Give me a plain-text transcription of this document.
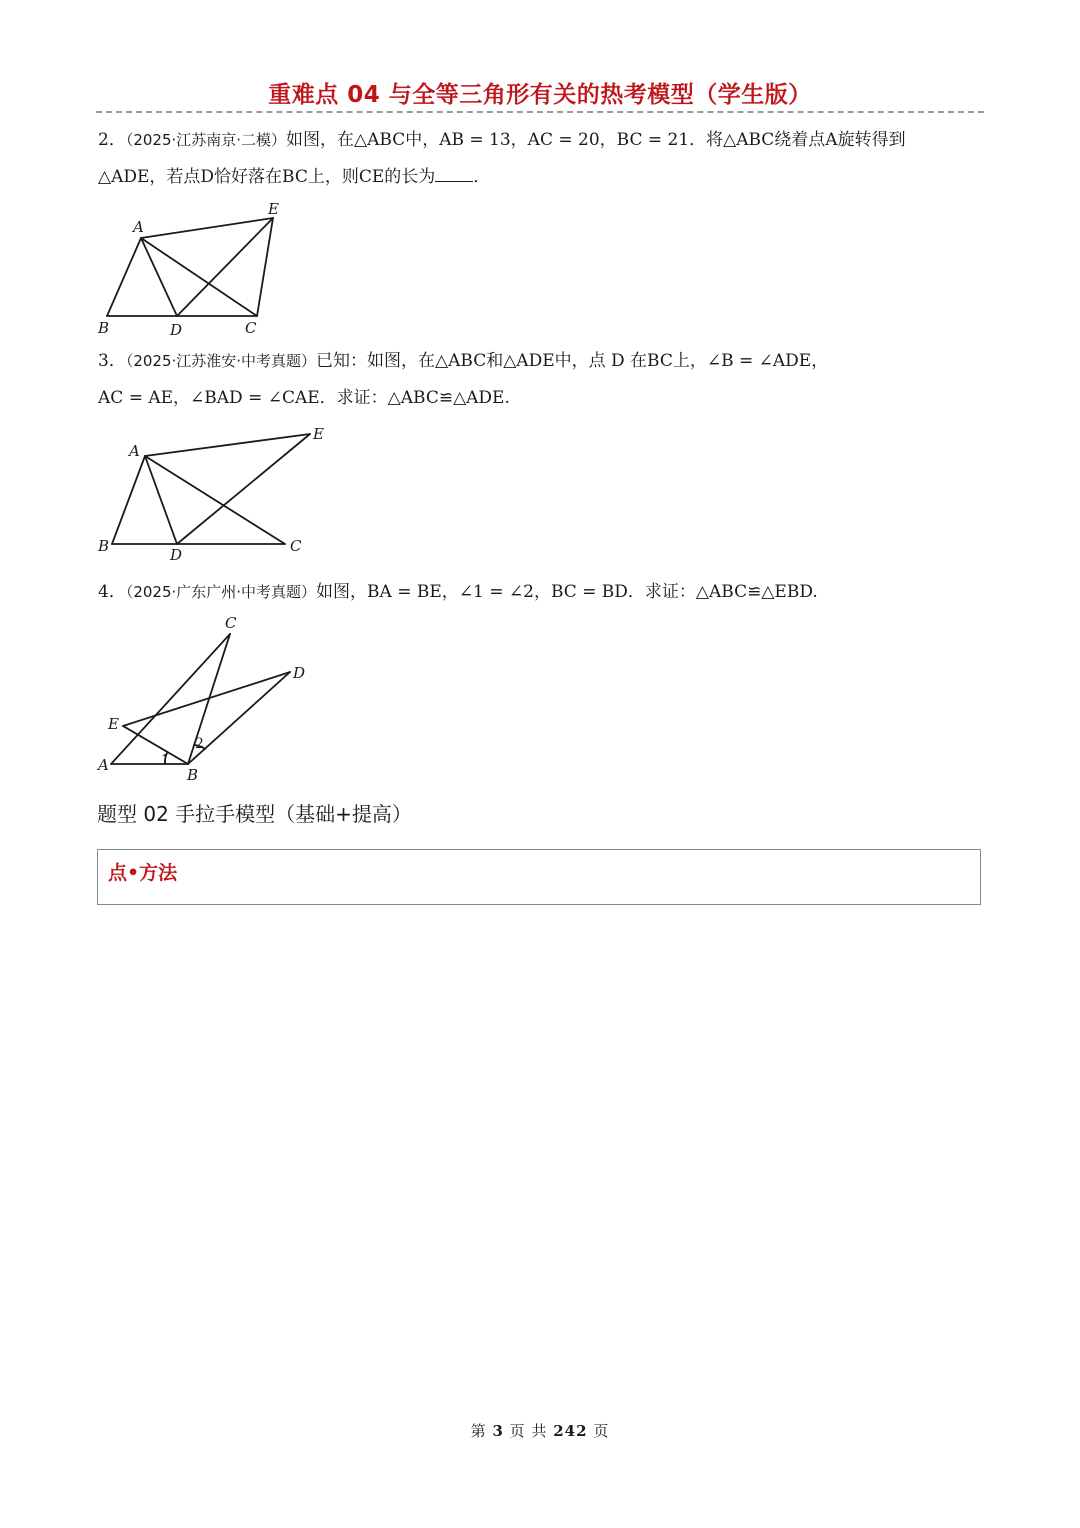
重难点 04 与全等三角形有关的热考模型（学生版）
2．（2025·江苏南京·二模）如图，在△ABC中，AB = 13，AC = 20，BC = 21．将△ABC绕着点A旋转得到
△ADE，若点D恰好落在BC上，则CE的长为 ．
A
E
B	D	C
3．（2025·江苏淮安·中考真题）已知：如图，在△ABC和△ADE中，点 D 在BC上，∠B = ∠ADE，
AC = AE，∠BAD = ∠CAE．求证：△ABC≌△ADE.
A
E
B	D	C
4．（2025·广东广州·中考真题）如图，BA = BE，∠1 = ∠2，BC = BD．求证：△ABC≌△EBD.
C
D
E
A
B
1
2
题型 02 手拉手模型（基础+提高）
点•方法
第 3 页 共 242 页
